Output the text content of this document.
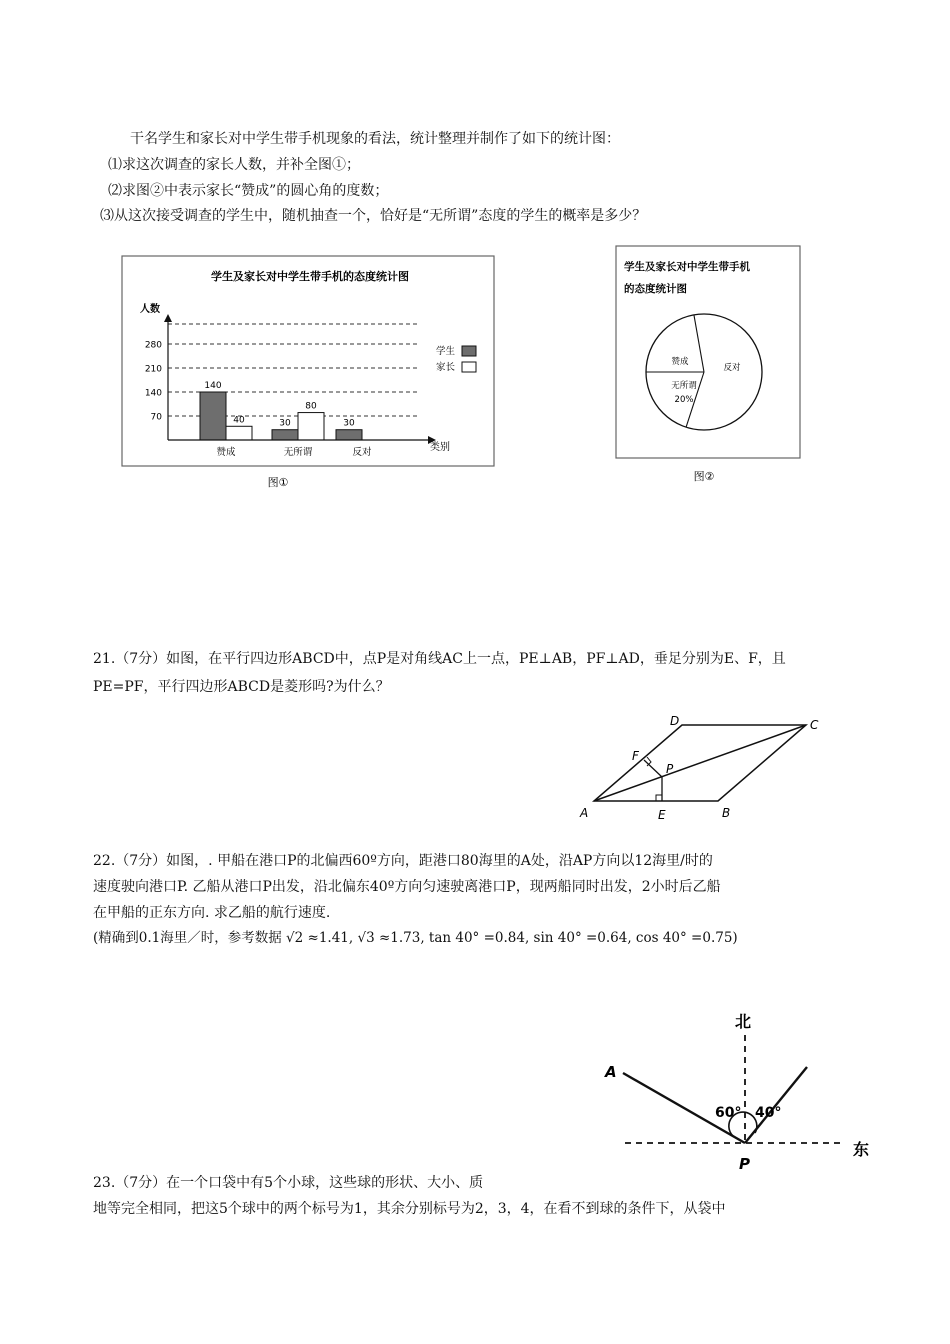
干名学生和家长对中学生带手机现象的看法，统计整理并制作了如下的统计图：
⑴求这次调查的家长人数，并补全图①；
⑵求图②中表示家长“赞成”的圆心角的度数；
⑶从这次接受调查的学生中，随机抽查一个，恰好是“无所谓”态度的学生的概率是多少？
学生及家长对中学生带手机的态度统计图
人数
类别
70
140
210
280
140
40
赞成
30
80
无所谓
30
反对
学生
家长
图①
学生及家长对中学生带手机
的态度统计图
赞成
无所谓
20%
反对
图②
21.（7分）如图，在平行四边形ABCD中，点P是对角线AC上一点，PE⊥AB，PF⊥AD，垂足分别为E、F，且
PE=PF，平行四边形ABCD是菱形吗?为什么？
A	B
C
D
E
F
P
22.（7分）如图，. 甲船在港口P的北偏西60º方向，距港口80海里的A处，沿AP方向以12海里/时的
速度驶向港口P. 乙船从港口P出发，沿北偏东40º方向匀速驶离港口P，现两船同时出发，2小时后乙船
在甲船的正东方向. 求乙船的航行速度.
(精确到0.1海里／时，参考数据 √2 ≈1.41, √3 ≈1.73, tan 40° =0.84, sin 40° =0.64, cos 40° =0.75)
北
东
A
P
60° 40°
23.（7分）在一个口袋中有5个小球，这些球的形状、大小、质
地等完全相同，把这5个球中的两个标号为1，其余分别标号为2，3，4，在看不到球的条件下，从袋中
